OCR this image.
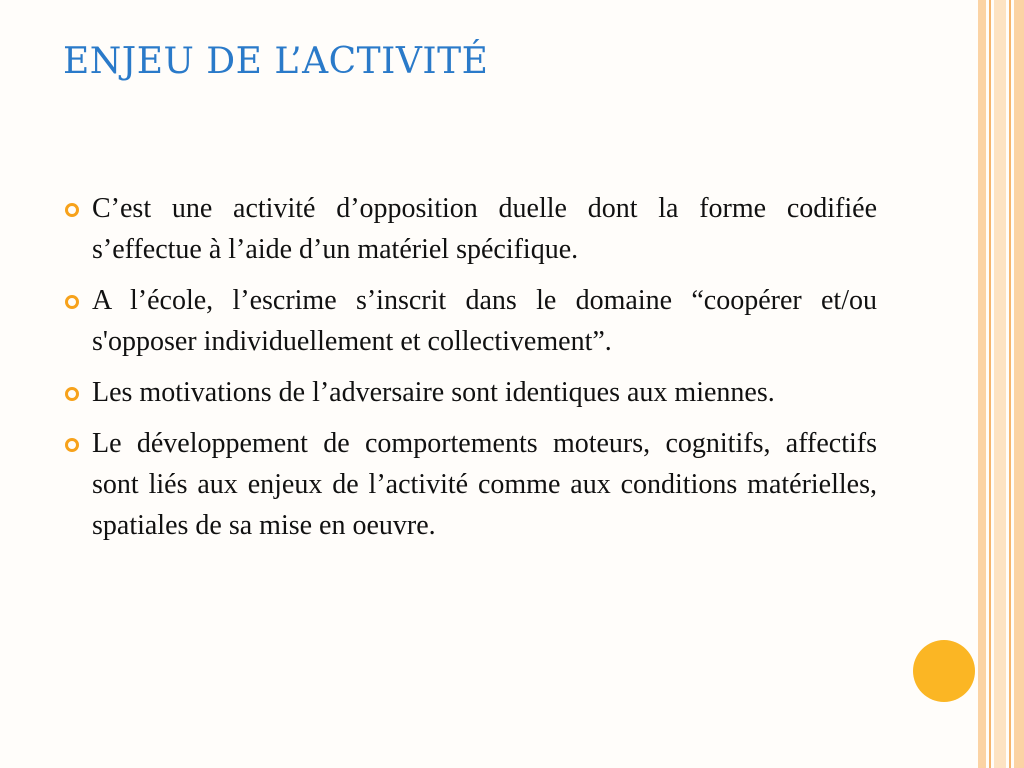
ENJEU DE L’ACTIVITÉ
C’est une activité d’opposition duelle dont la forme codifiée s’effectue à l’aide d’un matériel spécifique.
A l’école, l’escrime s’inscrit dans le domaine “coopérer et/ou s'opposer individuellement et collectivement”.
Les motivations de l’adversaire sont identiques aux miennes.
Le développement de comportements moteurs, cognitifs, affectifs sont liés aux enjeux de l’activité comme aux conditions matérielles, spatiales de sa mise en oeuvre.
